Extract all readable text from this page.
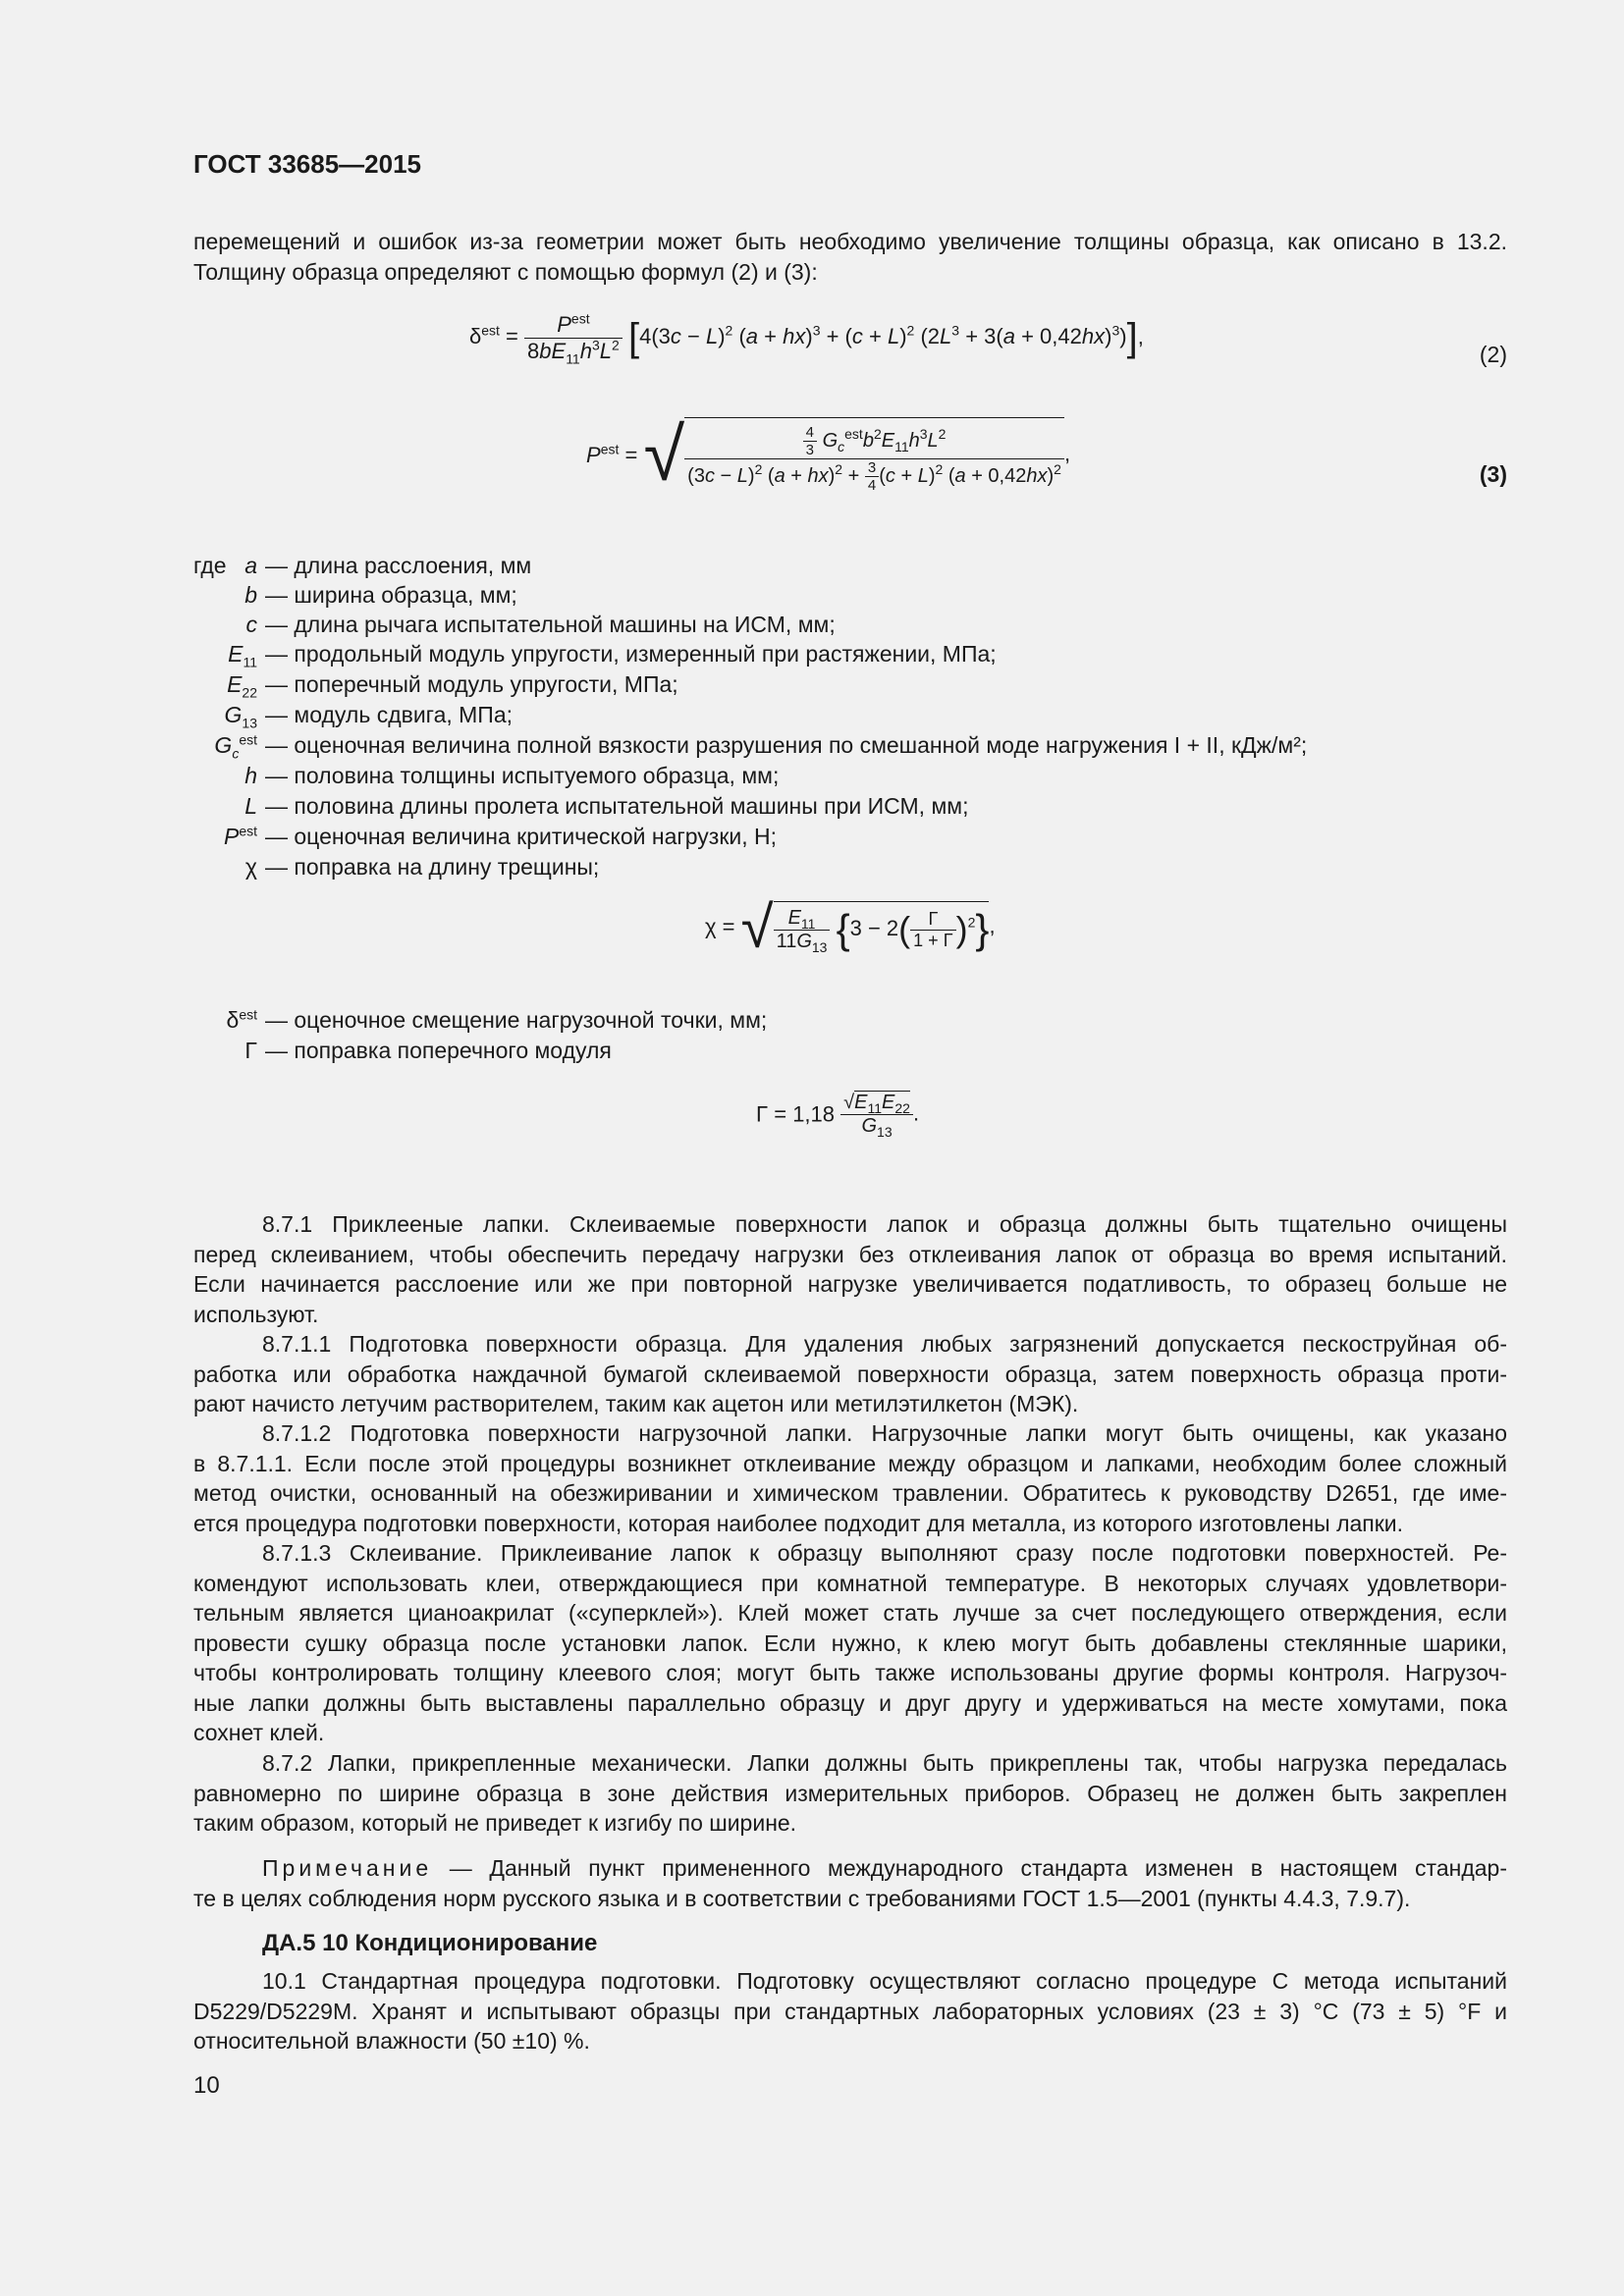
ГОСТ 33685—2015
перемещений и ошибок из-за геометрии может быть необходимо увеличение толщины образца, как описано в 13.2.
Толщину образца определяют с помощью формул (2) и (3):
$\delta^{est} = \frac{P^{est}}{8bE_{11}h^3L^2} [4(3c - L)^2$ $(a + hx)^3 + (c + L)^2$ $(2L^3 + 3(a + 0,42hx)^3)$],
(2)
$P^{est}$ = √ $\frac{\frac{4}{3} G_c^{est}b^2E_{11}h^3L^2}{(3c - L)^2 (a + hx)^2 + \frac{3}{4} (c + L)^2 (a + 0,42hx)^2}$ ,
(3)
где a — длина расслоения, мм
b — ширина образца, мм;
c — длина рычага испытательной машины на ИСМ, мм;
$E_{11}$ — продольный модуль упругости, измеренный при растяжении, МПа;
$E_{22}$ — поперечный модуль упругости, МПа;
$G_{13}$ — модуль сдвига, МПа;
$G_c^{est}$ — оценочная величина полной вязкости разрушения по смешанной моде нагружения I + II, кДж/м²;
h — половина толщины испытуемого образца, мм;
L — половина длины пролета испытательной машины при ИСМ, мм;
$P^{est}$ — оценочная величина критической нагрузки, Н;
χ — поправка на длину трещины;
χ = √ $\frac{E_{11}}{11G_{13}} \{3 - 2( \frac{\Gamma}{1 + \Gamma} )^2\}$,
$\delta^{est}$ — оценочное смещение нагрузочной точки, мм;
Γ — поправка поперечного модуля
$\Gamma = 1,18 \frac{√E_{11}E_{22}}{G_{13}}$ .
8.7.1 Приклееные лапки. Склеиваемые поверхности лапок и образца должны быть тщательно очищены
перед склеиванием, чтобы обеспечить передачу нагрузки без отклеивания лапок от образца во время испытаний.
Если начинается расслоение или же при повторной нагрузке увеличивается податливость, то образец больше не
используют.
8.7.1.1 Подготовка поверхности образца. Для удаления любых загрязнений допускается пескоструйная об-
работка или обработка наждачной бумагой склеиваемой поверхности образца, затем поверхность образца проти-
рают начисто летучим растворителем, таким как ацетон или метилэтилкетон (МЭК).
8.7.1.2 Подготовка поверхности нагрузочной лапки. Нагрузочные лапки могут быть очищены, как указано
в 8.7.1.1. Если после этой процедуры возникнет отклеивание между образцом и лапками, необходим более сложный
метод очистки, основанный на обезжиривании и химическом травлении. Обратитесь к руководству D2651, где име-
ется процедура подготовки поверхности, которая наиболее подходит для металла, из которого изготовлены лапки.
8.7.1.3 Склеивание. Приклеивание лапок к образцу выполняют сразу после подготовки поверхностей. Ре-
комендуют использовать клеи, отверждающиеся при комнатной температуре. В некоторых случаях удовлетвори-
тельным является цианоакрилат («суперклей»). Клей может стать лучше за счет последующего отверждения, если
провести сушку образца после установки лапок. Если нужно, к клею могут быть добавлены стеклянные шарики,
чтобы контролировать толщину клеевого слоя; могут быть также использованы другие формы контроля. Нагрузоч-
ные лапки должны быть выставлены параллельно образцу и друг другу и удерживаться на месте хомутами, пока
сохнет клей.
8.7.2 Лапки, прикрепленные механически. Лапки должны быть прикреплены так, чтобы нагрузка передалась
равномерно по ширине образца в зоне действия измерительных приборов. Образец не должен быть закреплен
таким образом, который не приведет к изгибу по ширине.
Примечание — Данный пункт примененного международного стандарта изменен в настоящем стандар-
те в целях соблюдения норм русского языка и в соответствии с требованиями ГОСТ 1.5—2001 (пункты 4.4.3, 7.9.7).
ДА.5 10 Кондиционирование
10.1 Стандартная процедура подготовки. Подготовку осуществляют согласно процедуре С метода испытаний
D5229/D5229M. Хранят и испытывают образцы при стандартных лабораторных условиях (23 ± 3) °С (73 ± 5) °F и
относительной влажности (50 ±10) %.
10
